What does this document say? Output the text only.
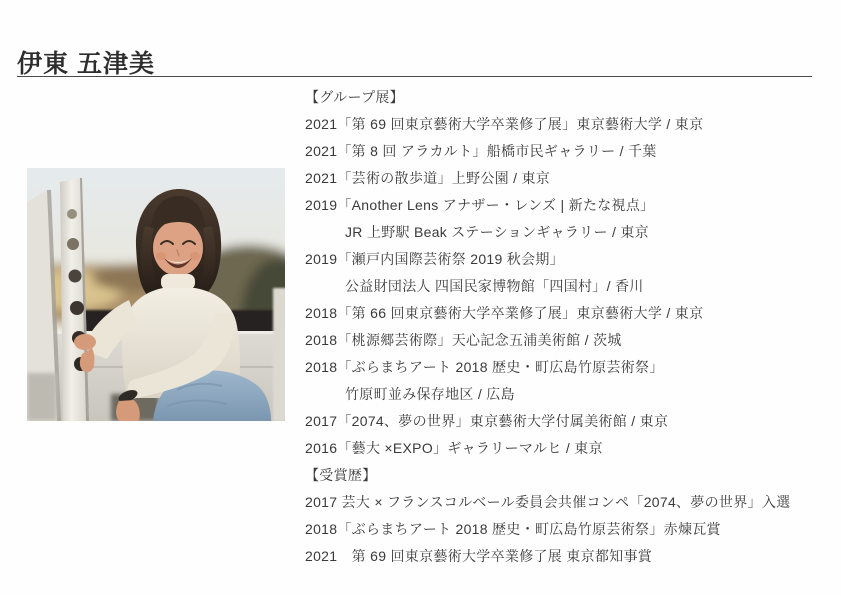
伊東 五津美
【グループ展】
2021「第 69 回東京藝術大学卒業修了展」東京藝術大学 / 東京
2021「第 8 回 アラカルト」船橋市民ギャラリー / 千葉
2021「芸術の散歩道」上野公園 / 東京
2019「Another Lens アナザー・レンズ | 新たな視点」
JR 上野駅 Beak ステーションギャラリー / 東京
2019「瀬戸内国際芸術祭 2019 秋会期」
公益財団法人 四国民家博物館「四国村」/ 香川
2018「第 66 回東京藝術大学卒業修了展」東京藝術大学 / 東京
2018「桃源郷芸術際」天心記念五浦美術館 / 茨城
2018「ぶらまちアート 2018 歴史・町広島竹原芸術祭」
竹原町並み保存地区 / 広島
2017「2074、夢の世界」東京藝術大学付属美術館 / 東京
2016「藝大 ×EXPO」ギャラリーマルヒ / 東京
【受賞歴】
2017 芸大 × フランスコルベール委員会共催コンペ「2074、夢の世界」入選
2018「ぶらまちアート 2018 歴史・町広島竹原芸術祭」赤煉瓦賞
2021　第 69 回東京藝術大学卒業修了展 東京都知事賞
